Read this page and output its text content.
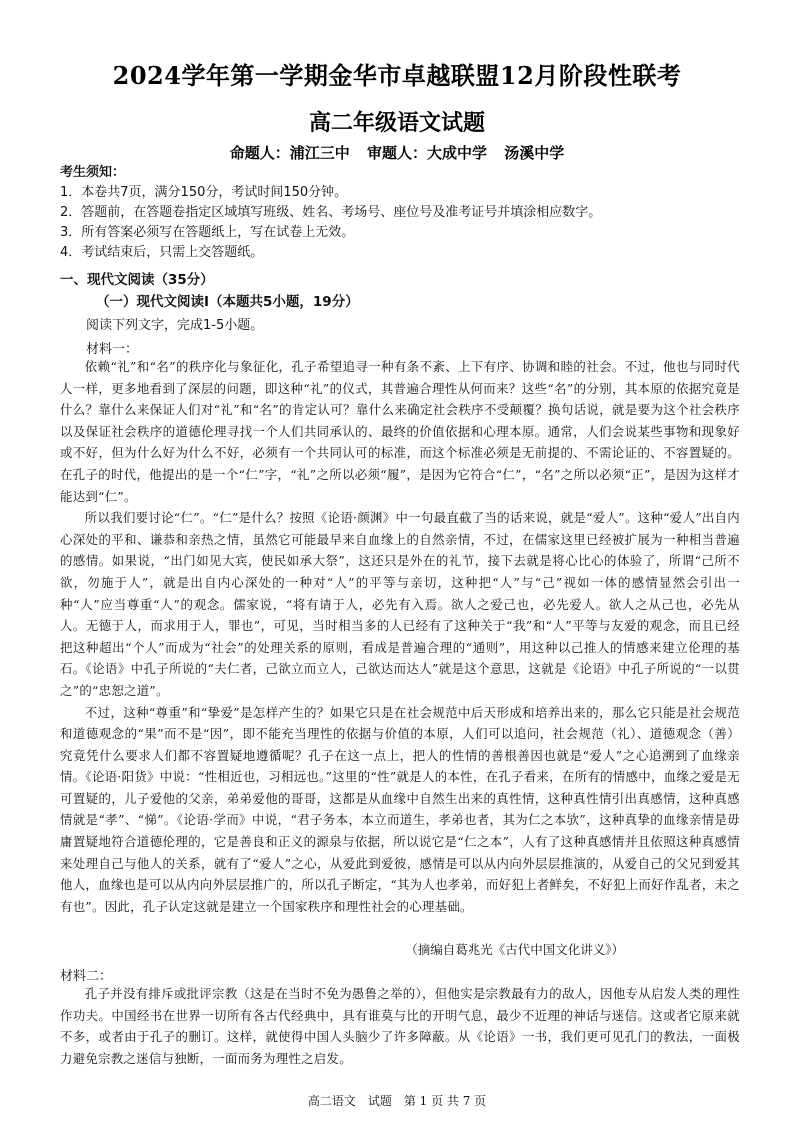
2024学年第一学期金华市卓越联盟12月阶段性联考
高二年级语文试题
命题人：浦江三中 审题人：大成中学 汤溪中学
考生须知：
1．本卷共7页，满分150分，考试时间150分钟。
2．答题前，在答题卷指定区域填写班级、姓名、考场号、座位号及准考证号并填涂相应数字。
3．所有答案必须写在答题纸上，写在试卷上无效。
4．考试结束后，只需上交答题纸。
一、现代文阅读（35分）
（一）现代文阅读Ⅰ（本题共5小题，19分）
阅读下列文字，完成1-5小题。
材料一：

依赖“礼”和“名”的秩序化与象征化，孔子希望追寻一种有条不紊、上下有序、协调和睦的社会。不过，他也与同时代人一样，更多地看到了深层的问题，即这种“礼”的仪式，其普遍合理性从何而来？这些“名”的分别，其本原的依据究竟是什么？靠什么来保证人们对“礼”和“名”的肯定认可？靠什么来确定社会秩序不受颠覆？换句话说，就是要为这个社会秩序以及保证社会秩序的道德伦理寻找一个人们共同承认的、最终的价值依据和心理本原。通常，人们会说某些事物和现象好或不好，但为什么好为什么不好，必须有一个共同认可的标准，而这个标准必须是无前提的、不需论证的、不容置疑的。在孔子的时代，他提出的是一个“仁”字，“礼”之所以必须“履”，是因为它符合“仁”，“名”之所以必须“正”，是因为这样才能达到“仁”。

所以我们要讨论“仁”。“仁”是什么？按照《论语·颜渊》中一句最直截了当的话来说，就是“爱人”。这种“爱人”出自内心深处的平和、谦恭和亲热之情，虽然它可能最早来自血缘上的自然亲情，不过，在儒家这里已经被扩展为一种相当普遍的感情。如果说，“出门如见大宾，使民如承大祭”，这还只是外在的礼节，接下去就是将心比心的体验了，所谓“己所不欲，勿施于人”，就是出自内心深处的一种对“人”的平等与亲切，这种把“人”与“己”视如一体的感情显然会引出一种“人”应当尊重“人”的观念。儒家说，“将有请于人，必先有入焉。欲人之爱己也，必先爱人。欲人之从己也，必先从人。无德于人，而求用于人，罪也”，可见，当时相当多的人已经有了这种关于“我”和“人”平等与友爱的观念，而且已经把这种超出“个人”而成为“社会”的处理关系的原则，看成是普遍合理的“通则”，用这种以己推人的情感来建立伦理的基石。《论语》中孔子所说的“夫仁者，己欲立而立人，己欲达而达人”就是这个意思，这就是《论语》中孔子所说的“一以贯之”的“忠恕之道”。

不过，这种“尊重”和“挚爱”是怎样产生的？如果它只是在社会规范中后天形成和培养出来的，那么它只能是社会规范和道德观念的“果”而不是“因”，即不能充当理性的依据与价值的本原，人们可以追问，社会规范（礼）、道德观念（善）究竟凭什么要求人们都不容置疑地遵循呢？孔子在这一点上，把人的性情的善根善因也就是“爱人”之心追溯到了血缘亲情。《论语·阳货》中说：“性相近也，习相远也。”这里的“性”就是人的本性，在孔子看来，在所有的情感中，血缘之爱是无可置疑的，儿子爱他的父亲，弟弟爱他的哥哥，这都是从血缘中自然生出来的真性情，这种真性情引出真感情，这种真感情就是“孝”、“悌”。《论语·学而》中说，“君子务本，本立而道生，孝弟也者，其为仁之本欤”，这种真挚的血缘亲情是毋庸置疑地符合道德伦理的，它是善良和正义的源泉与依据，所以说它是“仁之本”，人有了这种真感情并且依照这种真感情来处理自己与他人的关系，就有了“爱人”之心，从爱此到爱彼，感情是可以从内向外层层推演的，从爱自己的父兄到爱其他人，血缘也是可以从内向外层层推广的，所以孔子断定，“其为人也孝弟，而好犯上者鲜矣，不好犯上而好作乱者，未之有也”。因此，孔子认定这就是建立一个国家秩序和理性社会的心理基础。

（摘编自葛兆光《古代中国文化讲义》）
材料二：

孔子并没有排斥或批评宗教（这是在当时不免为愚鲁之举的），但他实是宗教最有力的敌人，因他专从启发人类的理性作功夫。中国经书在世界一切所有各古代经典中，具有谁莫与比的开明气息，最少不近理的神话与迷信。这或者它原来就不多，或者由于孔子的删订。这样，就使得中国人头脑少了许多障蔽。从《论语》一书，我们更可见孔门的教法，一面极力避免宗教之迷信与独断，一面而务为理性之启发。

高二语文　试题　第 1 页 共 7 页
